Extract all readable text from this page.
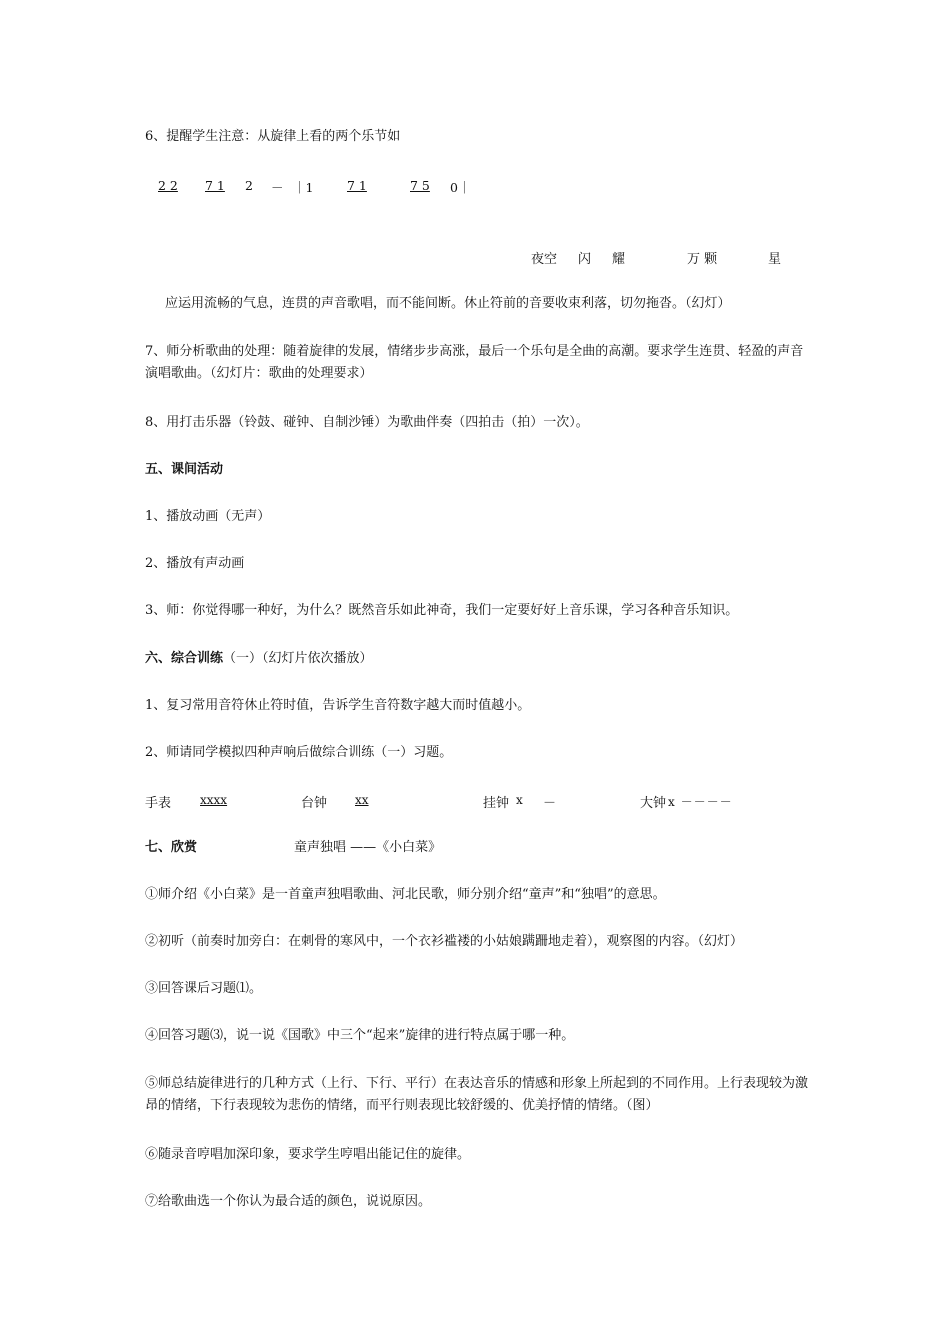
6、提醒学生注意：从旋律上看的两个乐节如
2 2 7 1 2 － ｜1	7 1	7 5 0｜
夜空 闪 耀	万 颗	星
应运用流畅的气息，连贯的声音歌唱，而不能间断。休止符前的音要收束利落，切勿拖沓。（幻灯）
7、师分析歌曲的处理：随着旋律的发展，情绪步步高涨，最后一个乐句是全曲的高潮。要求学生连贯、轻盈的声音演唱歌曲。（幻灯片：歌曲的处理要求）
8、用打击乐器（铃鼓、碰钟、自制沙锤）为歌曲伴奏（四拍击（拍）一次）。
五、课间活动
1、播放动画（无声）
2、播放有声动画
3、师：你觉得哪一种好，为什么？既然音乐如此神奇，我们一定要好好上音乐课，学习各种音乐知识。
六、综合训练（一）（幻灯片依次播放）
1、复习常用音符休止符时值，告诉学生音符数字越大而时值越小。
2、师请同学模拟四种声响后做综合训练（一）习题。
手表 xxxx	台钟 xx	挂钟 x －	大钟 x －－－－
七、欣赏	童声独唱 ——《小白菜》
①师介绍《小白菜》是一首童声独唱歌曲、河北民歌，师分别介绍“童声”和“独唱”的意思。
②初听（前奏时加旁白：在刺骨的寒风中，一个衣衫褴褛的小姑娘蹒跚地走着），观察图的内容。（幻灯）
③回答课后习题⑴。
④回答习题⑶，说一说《国歌》中三个“起来”旋律的进行特点属于哪一种。
⑤师总结旋律进行的几种方式（上行、下行、平行）在表达音乐的情感和形象上所起到的不同作用。上行表现较为激昂的情绪，下行表现较为悲伤的情绪，而平行则表现比较舒缓的、优美抒情的情绪。（图）
⑥随录音哼唱加深印象，要求学生哼唱出能记住的旋律。
⑦给歌曲选一个你认为最合适的颜色，说说原因。
